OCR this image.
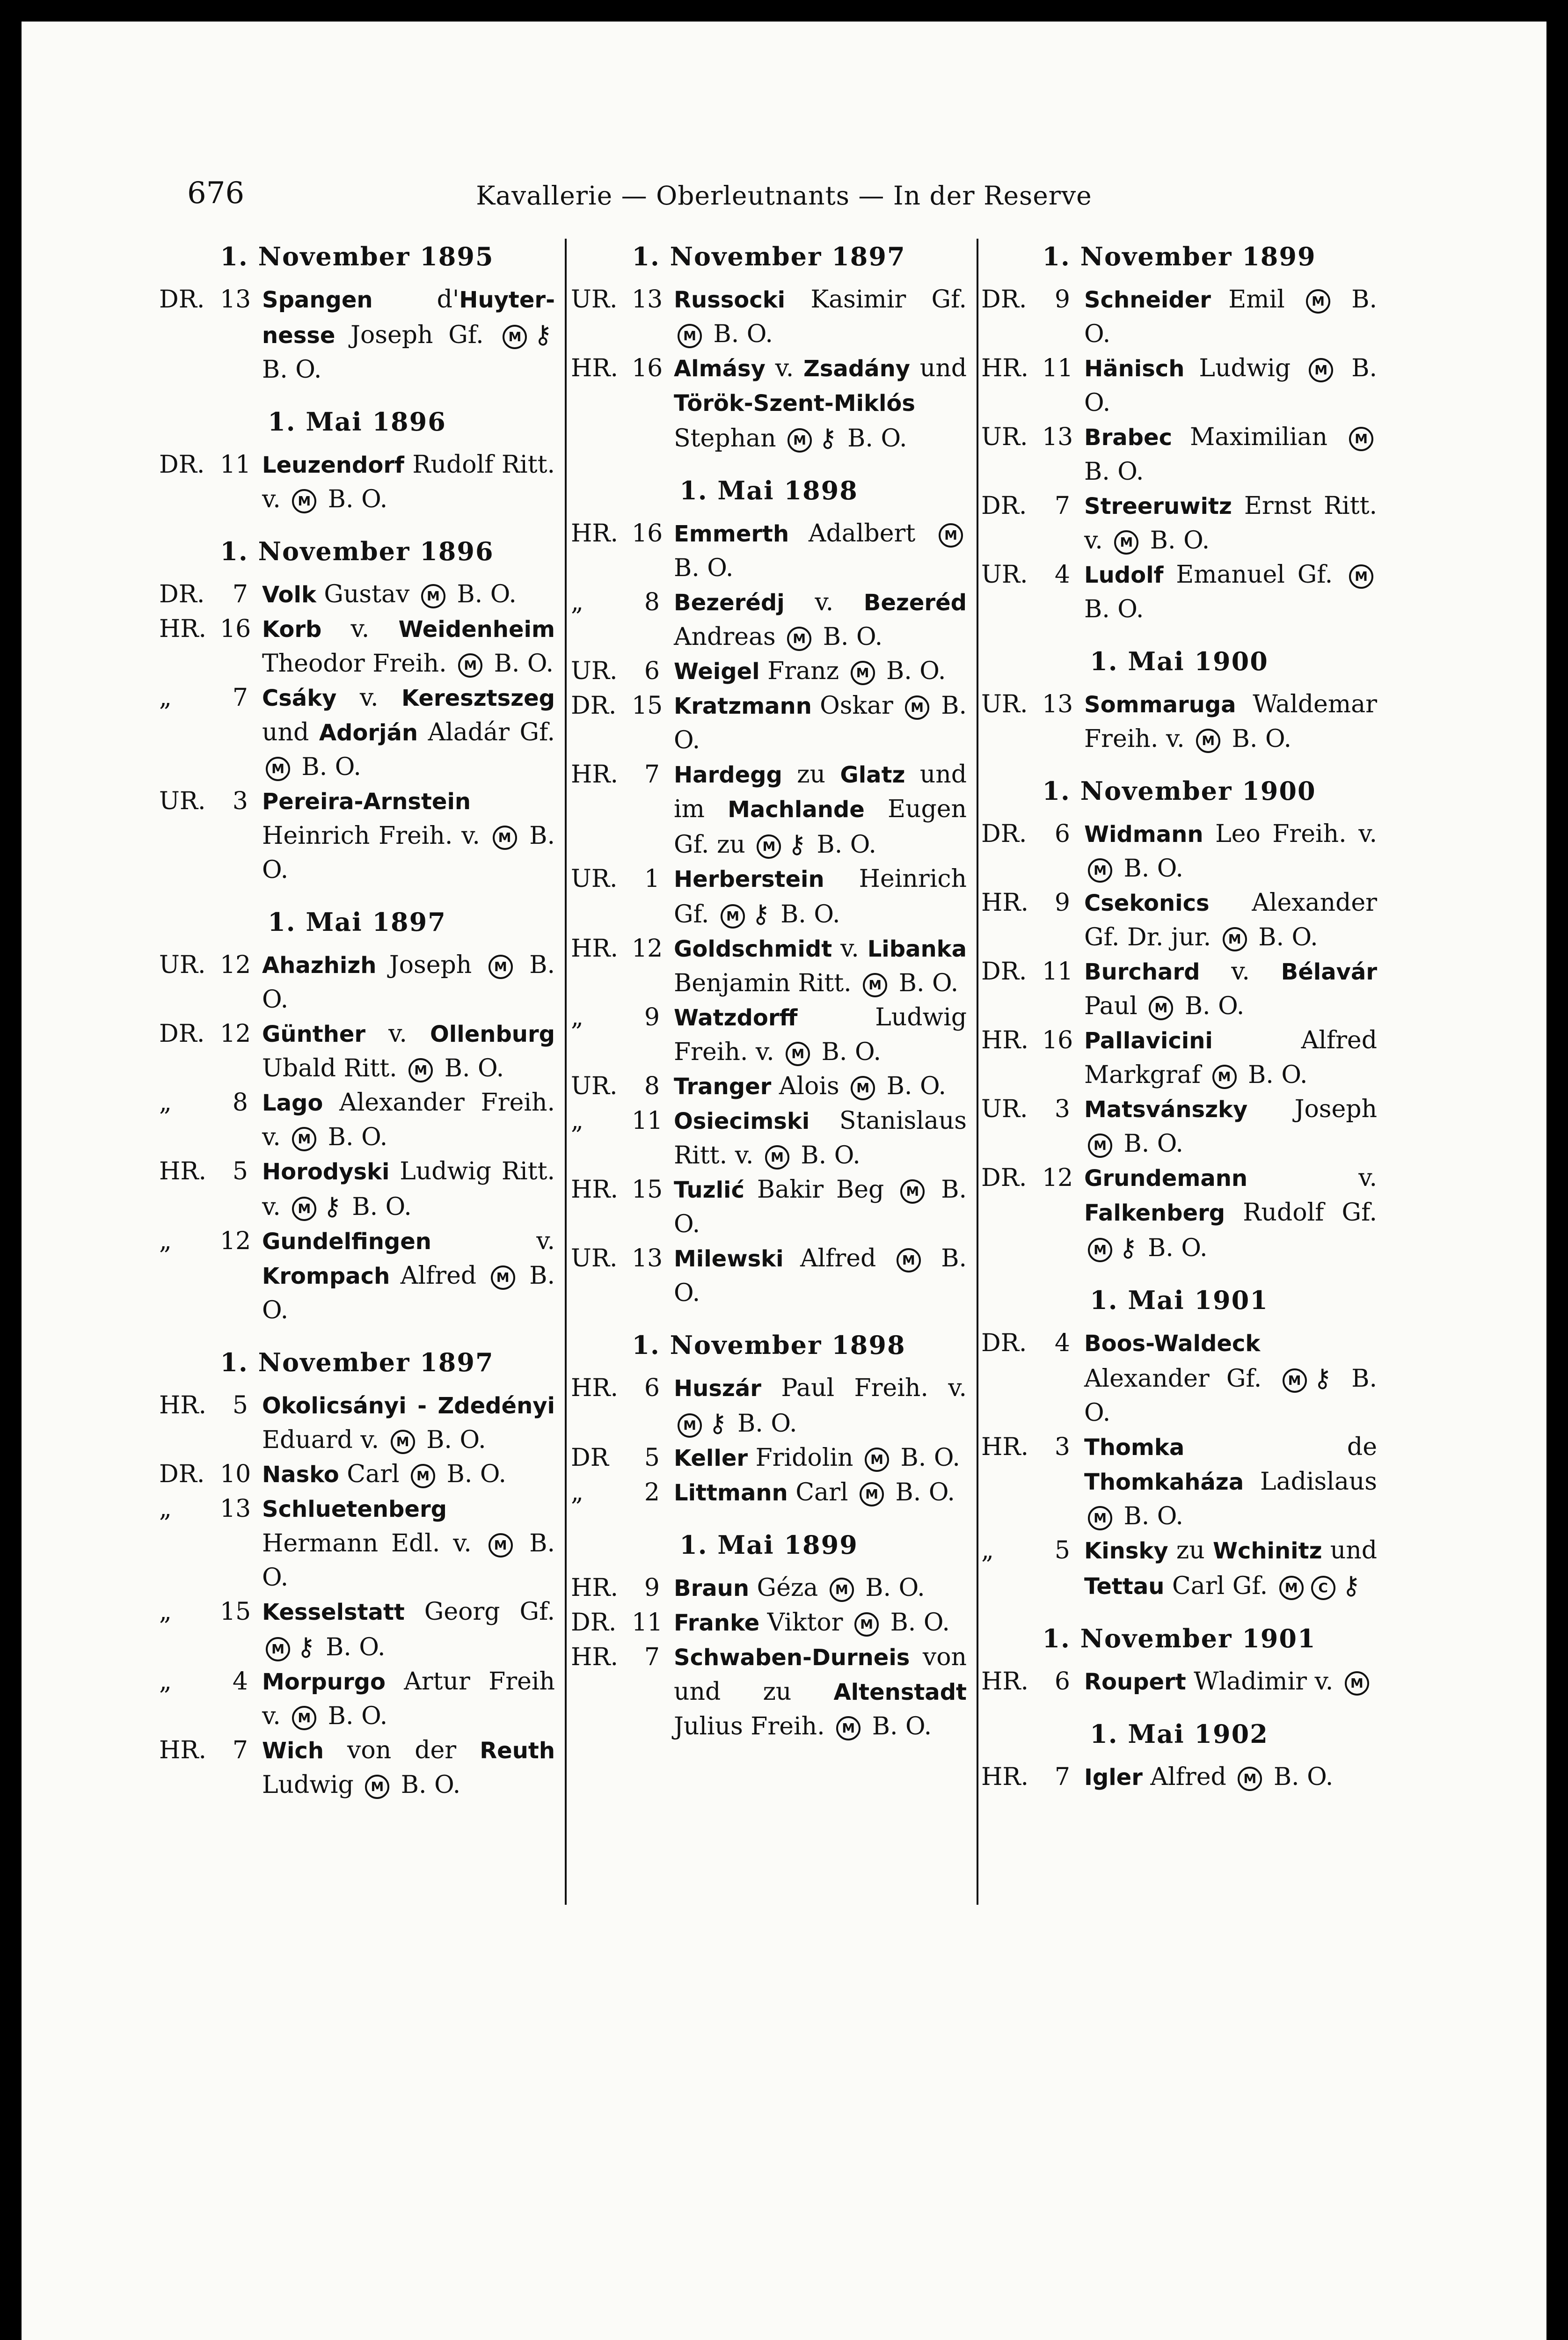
676	Kavallerie — Oberleutnants — In der Reserve
1. November 1895
DR. 13 Spangen d'Huyter-nesse Joseph Gf. M ⚷ B. O.
1. Mai 1896
DR. 11 Leuzendorf Rudolf Ritt. v. M B. O.
1. November 1896
DR.	7 Volk Gustav M B. O.
HR. 16 Korb v. Weidenheim Theodor Freih. M B. O.
„	7 Csáky v. Keresztszeg und Adorján Aladár Gf. M B. O.
UR.	3 Pereira-Arnstein Heinrich Freih. v. M B. O.
1. Mai 1897
UR. 12 Ahazhizh Joseph M B. O.
DR. 12 Günther v. Ollenburg Ubald Ritt. M B. O.
„	8 Lago Alexander Freih. v. M B. O.
HR.	5 Horodyski Ludwig Ritt. v. M ⚷ B. O.
„	12 Gundelfingen v. Krompach Alfred M B. O.
1. November 1897
HR.	5 Okolicsányi - Zdedényi Eduard v. M B. O.
DR. 10 Nasko Carl M B. O.
„	13 Schluetenberg Hermann Edl. v. M B. O.
„	15 Kesselstatt Georg Gf. M ⚷ B. O.
„	4 Morpurgo Artur Freih v. M B. O.
HR.	7 Wich von der Reuth Ludwig M B. O.
1. November 1897
UR. 13 Russocki Kasimir Gf. M B. O.
HR. 16 Almásy v. Zsadány und Török-Szent-Miklós Stephan M ⚷ B. O.
1. Mai 1898
HR. 16 Emmerth Adalbert M B. O.
„	8 Bezerédj v. Bezeréd Andreas M B. O.
UR.	6 Weigel Franz M B. O.
DR. 15 Kratzmann Oskar M B. O.
HR.	7 Hardegg zu Glatz und im Machlande Eugen Gf. zu M ⚷ B. O.
UR.	1 Herberstein Heinrich Gf. M ⚷ B. O.
HR. 12 Goldschmidt v. Libanka Benjamin Ritt. M B. O.
„	9 Watzdorff Ludwig Freih. v. M B. O.
UR.	8 Tranger Alois M B. O.
„	11 Osiecimski Stanislaus Ritt. v. M B. O.
HR. 15 Tuzlić Bakir Beg M B. O.
UR. 13 Milewski Alfred M B. O.
1. November 1898
HR.	6 Huszár Paul Freih. v. M ⚷ B. O.
DR	5 Keller Fridolin M B. O.
„	2 Littmann Carl M B. O.
1. Mai 1899
HR.	9 Braun Géza M B. O.
DR. 11 Franke Viktor M B. O.
HR.	7 Schwaben-Durneis von und zu Altenstadt Julius Freih. M B. O.
1. November 1899
DR.	9 Schneider Emil M B. O.
HR. 11 Hänisch Ludwig M B. O.
UR. 13 Brabec Maximilian M B. O.
DR.	7 Streeruwitz Ernst Ritt. v. M B. O.
UR.	4 Ludolf Emanuel Gf. M B. O.
1. Mai 1900
UR. 13 Sommaruga Waldemar Freih. v. M B. O.
1. November 1900
DR.	6 Widmann Leo Freih. v. M B. O.
HR.	9 Csekonics Alexander Gf. Dr. jur. M B. O.
DR. 11 Burchard v. Bélavár Paul M B. O.
HR. 16 Pallavicini Alfred Markgraf M B. O.
UR.	3 Matsvánszky Joseph M B. O.
DR. 12 Grundemann v. Falkenberg Rudolf Gf. M ⚷ B. O.
1. Mai 1901
DR.	4 Boos-Waldeck Alexander Gf. M ⚷ B. O.
HR.	3 Thomka de Thomkaháza Ladislaus M B. O.
„	5 Kinsky zu Wchinitz und Tettau Carl Gf. M C ⚷
1. November 1901
HR.	6 Roupert Wladimir v. M
1. Mai 1902
HR.	7 Igler Alfred M B. O.
